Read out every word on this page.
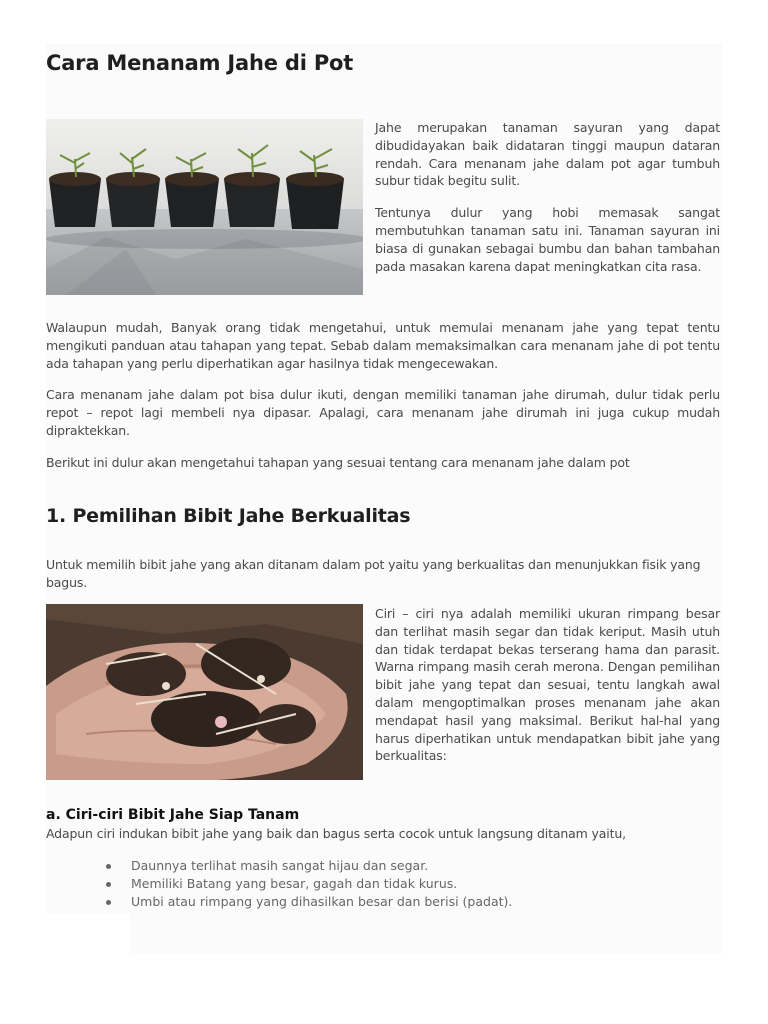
Cara Menanam Jahe di Pot

Jahe merupakan tanaman sayuran yang dapat dibudidayakan baik didataran tinggi maupun dataran rendah. Cara menanam jahe dalam pot agar tumbuh subur tidak begitu sulit.

Tentunya dulur yang hobi memasak sangat membutuhkan tanaman satu ini. Tanaman sayuran ini biasa di gunakan sebagai bumbu dan bahan tambahan pada masakan karena dapat meningkatkan cita rasa.

Walaupun mudah, Banyak orang tidak mengetahui, untuk memulai menanam jahe yang tepat tentu mengikuti panduan atau tahapan yang tepat. Sebab dalam memaksimalkan cara menanam jahe di pot tentu ada tahapan yang perlu diperhatikan agar hasilnya tidak mengecewakan.

Cara menanam jahe dalam pot bisa dulur ikuti, dengan memiliki tanaman jahe dirumah, dulur tidak perlu repot – repot lagi membeli nya dipasar. Apalagi, cara menanam jahe dirumah ini juga cukup mudah dipraktekkan.

Berikut ini dulur akan mengetahui tahapan yang sesuai tentang cara menanam jahe dalam pot

1. Pemilihan Bibit Jahe Berkualitas

Untuk memilih bibit jahe yang akan ditanam dalam pot yaitu yang berkualitas dan menunjukkan fisik yang bagus.

Ciri – ciri nya adalah memiliki ukuran rimpang besar dan terlihat masih segar dan tidak keriput. Masih utuh dan tidak terdapat bekas terserang hama dan parasit. Warna rimpang masih cerah merona. Dengan pemilihan bibit jahe yang tepat dan sesuai, tentu langkah awal dalam mengoptimalkan proses menanam jahe akan mendapat hasil yang maksimal. Berikut hal-hal yang harus diperhatikan untuk mendapatkan bibit jahe yang berkualitas:

a. Ciri-ciri Bibit Jahe Siap Tanam

Adapun ciri indukan bibit jahe yang baik dan bagus serta cocok untuk langsung ditanam yaitu,

Daunnya terlihat masih sangat hijau dan segar.
Memiliki Batang yang besar, gagah dan tidak kurus.
Umbi atau rimpang yang dihasilkan besar dan berisi (padat).
